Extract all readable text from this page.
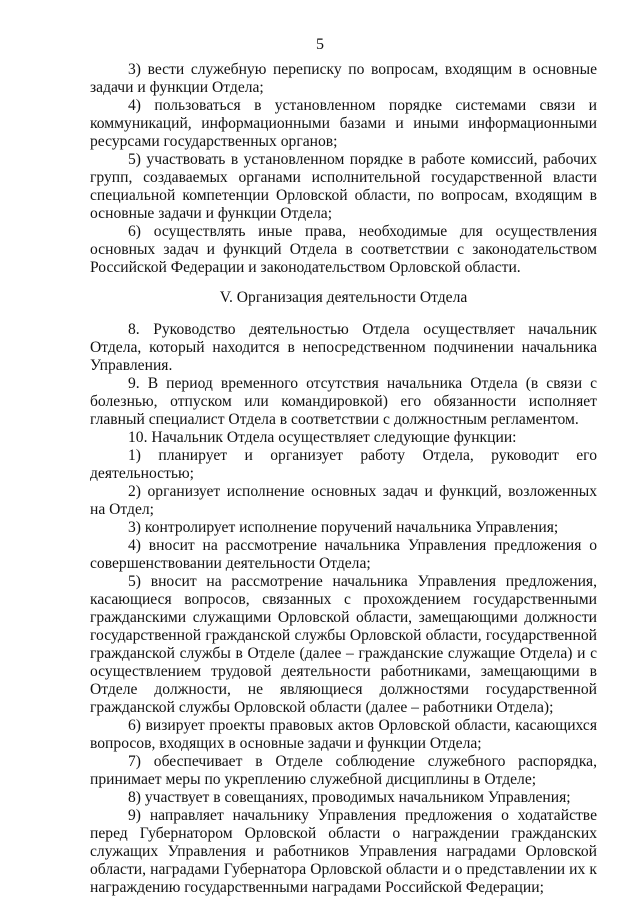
5

3) вести служебную переписку по вопросам, входящим в основные задачи и функции Отдела;

4) пользоваться в установленном порядке системами связи и коммуникаций, информационными базами и иными информационными ресурсами государственных органов;

5) участвовать в установленном порядке в работе комиссий, рабочих групп, создаваемых органами исполнительной государственной власти специальной компетенции Орловской области, по вопросам, входящим в основные задачи и функции Отдела;

6) осуществлять иные права, необходимые для осуществления основных задач и функций Отдела в соответствии с законодательством Российской Федерации и законодательством Орловской области.

V. Организация деятельности Отдела

8. Руководство деятельностью Отдела осуществляет начальник Отдела, который находится в непосредственном подчинении начальника Управления.

9. В период временного отсутствия начальника Отдела (в связи с болезнью, отпуском или командировкой) его обязанности исполняет главный специалист Отдела в соответствии с должностным регламентом.

10. Начальник Отдела осуществляет следующие функции:

1) планирует и организует работу Отдела, руководит его деятельностью;

2) организует исполнение основных задач и функций, возложенных на Отдел;

3) контролирует исполнение поручений начальника Управления;

4) вносит на рассмотрение начальника Управления предложения о совершенствовании деятельности Отдела;

5) вносит на рассмотрение начальника Управления предложения, касающиеся вопросов, связанных с прохождением государственными гражданскими служащими Орловской области, замещающими должности государственной гражданской службы Орловской области, государственной гражданской службы в Отделе (далее – гражданские служащие Отдела) и с осуществлением трудовой деятельности работниками, замещающими в Отделе должности, не являющиеся должностями государственной гражданской службы Орловской области (далее – работники Отдела);

6) визирует проекты правовых актов Орловской области, касающихся вопросов, входящих в основные задачи и функции Отдела;

7) обеспечивает в Отделе соблюдение служебного распорядка, принимает меры по укреплению служебной дисциплины в Отделе;

8) участвует в совещаниях, проводимых начальником Управления;

9) направляет начальнику Управления предложения о ходатайстве перед Губернатором Орловской области о награждении гражданских служащих Управления и работников Управления наградами Орловской области, наградами Губернатора Орловской области и о представлении их к награждению государственными наградами Российской Федерации;
